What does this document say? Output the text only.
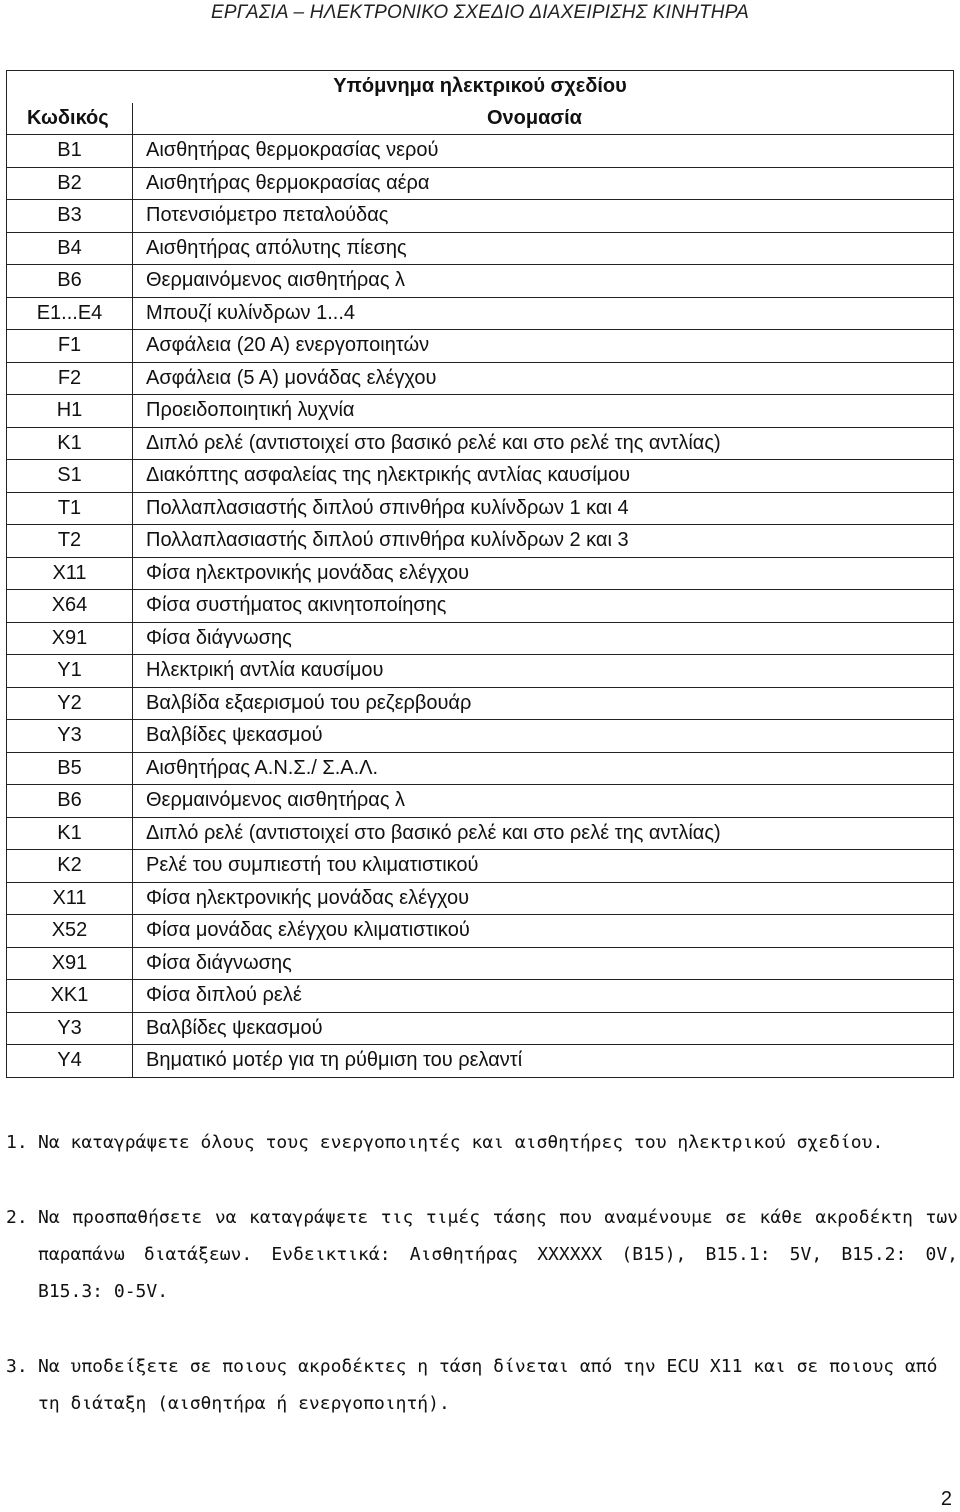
ΕΡΓΑΣΙΑ – ΗΛΕΚΤΡΟΝΙΚΟ ΣΧΕΔΙΟ ΔΙΑΧΕΙΡΙΣΗΣ ΚΙΝΗΤΗΡΑ
Υπόμνημα ηλεκτρικού σχεδίου	
Κωδικός	Ονομασία
B1	Αισθητήρας θερμοκρασίας νερού
B2	Αισθητήρας θερμοκρασίας αέρα
B3	Ποτενσιόμετρο πεταλούδας
B4	Αισθητήρας απόλυτης πίεσης
B6	Θερμαινόμενος αισθητήρας λ
E1...E4	Μπουζί κυλίνδρων 1...4
F1	Ασφάλεια (20 Α) ενεργοποιητών
F2	Ασφάλεια (5 Α) μονάδας ελέγχου
H1	Προειδοποιητική λυχνία
K1	Διπλό ρελέ (αντιστοιχεί στο βασικό ρελέ και στο ρελέ της αντλίας)
S1	Διακόπτης ασφαλείας της ηλεκτρικής αντλίας καυσίμου
T1	Πολλαπλασιαστής διπλού σπινθήρα κυλίνδρων 1 και 4
T2	Πολλαπλασιαστής διπλού σπινθήρα κυλίνδρων 2 και 3
X11	Φίσα ηλεκτρονικής μονάδας ελέγχου
X64	Φίσα συστήματος ακινητοποίησης
X91	Φίσα διάγνωσης
Y1	Ηλεκτρική αντλία καυσίμου
Y2	Βαλβίδα εξαερισμού του ρεζερβουάρ
Y3	Βαλβίδες ψεκασμού
B5	Αισθητήρας Α.Ν.Σ./ Σ.Α.Λ.
B6	Θερμαινόμενος αισθητήρας λ
K1	Διπλό ρελέ (αντιστοιχεί στο βασικό ρελέ και στο ρελέ της αντλίας)
K2	Ρελέ του συμπιεστή του κλιματιστικού
X11	Φίσα ηλεκτρονικής μονάδας ελέγχου
X52	Φίσα μονάδας ελέγχου κλιματιστικού
X91	Φίσα διάγνωσης
XK1	Φίσα διπλού ρελέ
Y3	Βαλβίδες ψεκασμού
Y4	Βηματικό μοτέρ για τη ρύθμιση του ρελαντί
1. Να καταγράψετε όλους τους ενεργοποιητές και αισθητήρες του ηλεκτρικού σχεδίου.
2. Να προσπαθήσετε να καταγράψετε τις τιμές τάσης που αναμένουμε σε κάθε ακροδέκτη των παραπάνω διατάξεων. Ενδεικτικά: Αισθητήρας ΧΧΧΧΧΧ (Β15), Β15.1: 5V, Β15.2: 0V, B15.3: 0-5V.
3. Να υποδείξετε σε ποιους ακροδέκτες η τάση δίνεται από την ECU X11 και σε ποιους από τη διάταξη (αισθητήρα ή ενεργοποιητή).
2
